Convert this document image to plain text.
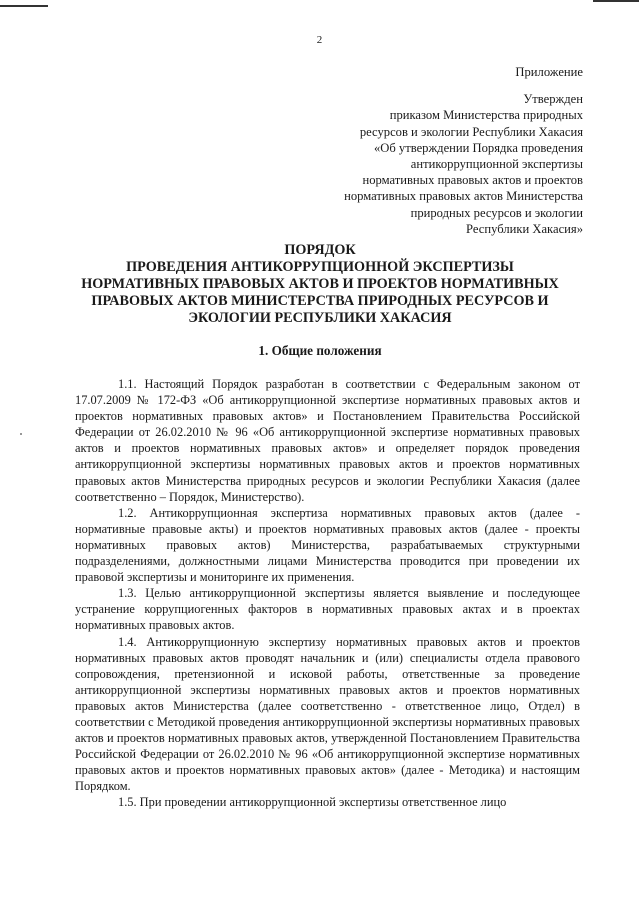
2
Приложение
Утвержден
приказом Министерства природных
ресурсов и экологии Республики Хакасия
«Об утверждении Порядка проведения
антикоррупционной экспертизы
нормативных правовых актов и проектов
нормативных правовых актов Министерства
природных ресурсов и экологии
Республики Хакасия»
ПОРЯДОК
ПРОВЕДЕНИЯ АНТИКОРРУПЦИОННОЙ ЭКСПЕРТИЗЫ
НОРМАТИВНЫХ ПРАВОВЫХ АКТОВ И ПРОЕКТОВ НОРМАТИВНЫХ
ПРАВОВЫХ АКТОВ МИНИСТЕРСТВА ПРИРОДНЫХ РЕСУРСОВ И
ЭКОЛОГИИ РЕСПУБЛИКИ ХАКАСИЯ
1. Общие положения

1.1. Настоящий Порядок разработан в соответствии с Федеральным законом от 17.07.2009 № 172-ФЗ «Об антикоррупционной экспертизе нормативных правовых актов и проектов нормативных правовых актов» и Постановлением Правительства Российской Федерации от 26.02.2010 № 96 «Об антикоррупционной экспертизе нормативных правовых актов и проектов нормативных правовых актов» и определяет порядок проведения антикоррупционной экспертизы нормативных правовых актов и проектов нормативных правовых актов Министерства природных ресурсов и экологии Республики Хакасия (далее соответственно – Порядок, Министерство).

1.2. Антикоррупционная экспертиза нормативных правовых актов (далее - нормативные правовые акты) и проектов нормативных правовых актов (далее - проекты нормативных правовых актов) Министерства, разрабатываемых структурными подразделениями, должностными лицами Министерства проводится при проведении их правовой экспертизы и мониторинге их применения.

1.3. Целью антикоррупционной экспертизы является выявление и последующее устранение коррупциогенных факторов в нормативных правовых актах и в проектах нормативных правовых актов.

1.4. Антикоррупционную экспертизу нормативных правовых актов и проектов нормативных правовых актов проводят начальник и (или) специалисты отдела правового сопровождения, претензионной и исковой работы, ответственные за проведение антикоррупционной экспертизы нормативных правовых актов и проектов нормативных правовых актов Министерства (далее соответственно - ответственное лицо, Отдел) в соответствии с Методикой проведения антикоррупционной экспертизы нормативных правовых актов и проектов нормативных правовых актов, утвержденной Постановлением Правительства Российской Федерации от 26.02.2010 № 96 «Об антикоррупционной экспертизе нормативных правовых актов и проектов нормативных правовых актов» (далее - Методика) и настоящим Порядком.

1.5. При проведении антикоррупционной экспертизы ответственное лицо
